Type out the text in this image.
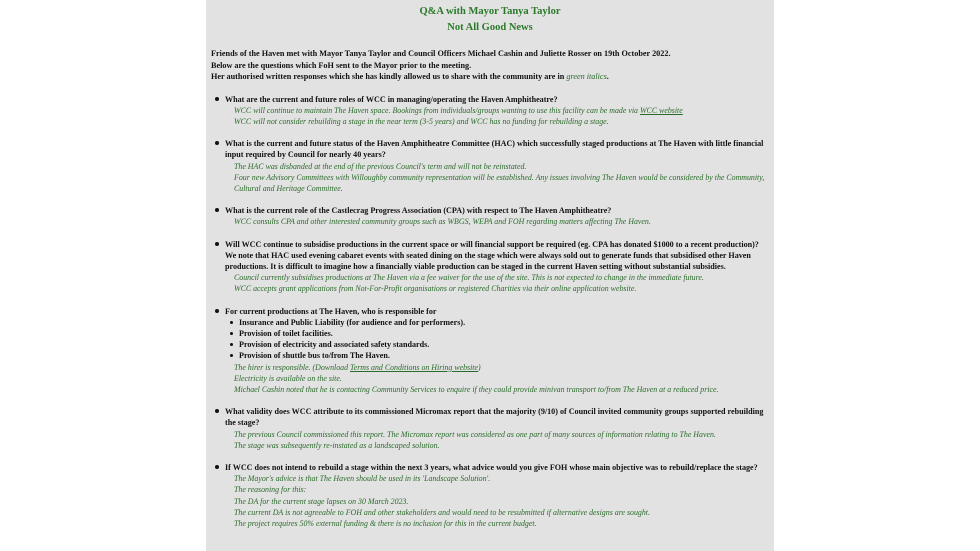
Q&A with Mayor Tanya Taylor
Not All Good News
Friends of the Haven met with Mayor Tanya Taylor and Council Officers Michael Cashin and Juliette Rosser on 19th October 2022.
Below are the questions which FoH sent to the Mayor prior to the meeting.
Her authorised written responses which she has kindly allowed us to share with the community are in green italics.
What are the current and future roles of WCC in managing/operating the Haven Amphitheatre?
WCC will continue to maintain The Haven space. Bookings from individuals/groups wanting to use this facility can be made via WCC website
WCC will not consider rebuilding a stage in the near term (3-5 years) and WCC has no funding for rebuilding a stage.
What is the current and future status of the Haven Amphitheatre Committee (HAC) which successfully staged productions at The Haven with little financial input required by Council for nearly 40 years?
The HAC was disbanded at the end of the previous Council's term and will not be reinstated.
Four new Advisory Committees with Willoughby community representation will be established. Any issues involving The Haven would be considered by the Community, Cultural and Heritage Committee.
What is the current role of the Castlecrag Progress Association (CPA) with respect to The Haven Amphitheatre?
WCC consults CPA and other interested community groups such as WBGS, WEPA and FOH regarding matters affecting The Haven.
Will WCC continue to subsidise productions in the current space or will financial support be required (eg. CPA has donated $1000 to a recent production)? We note that HAC used evening cabaret events with seated dining on the stage which were always sold out to generate funds that subsidised other Haven productions. It is difficult to imagine how a financially viable production can be staged in the current Haven setting without substantial subsidies.
Council currently subsidises productions at The Haven via a fee waiver for the use of the site. This is not expected to change in the immediate future.
WCC accepts grant applications from Not-For-Profit organisations or registered Charities via their online application website.
For current productions at The Haven, who is responsible for
Insurance and Public Liability (for audience and for performers).
Provision of toilet facilities.
Provision of electricity and associated safety standards.
Provision of shuttle bus to/from The Haven.
The hirer is responsible. (Download Terms and Conditions on Hiring website)
Electricity is available on the site.
Michael Cashin noted that he is contacting Community Services to enquire if they could provide minivan transport to/from The Haven at a reduced price.
What validity does WCC attribute to its commissioned Micromax report that the majority (9/10) of Council invited community groups supported rebuilding the stage?
The previous Council commissioned this report. The Micromax report was considered as one part of many sources of information relating to The Haven.
The stage was subsequently re-instated as a landscaped solution.
If WCC does not intend to rebuild a stage within the next 3 years, what advice would you give FOH whose main objective was to rebuild/replace the stage?
The Mayor's advice is that The Haven should be used in its 'Landscape Solution'.
The reasoning for this:
The DA for the current stage lapses on 30 March 2023.
The current DA is not agreeable to FOH and other stakeholders and would need to be resubmitted if alternative designs are sought.
The project requires 50% external funding & there is no inclusion for this in the current budget.
